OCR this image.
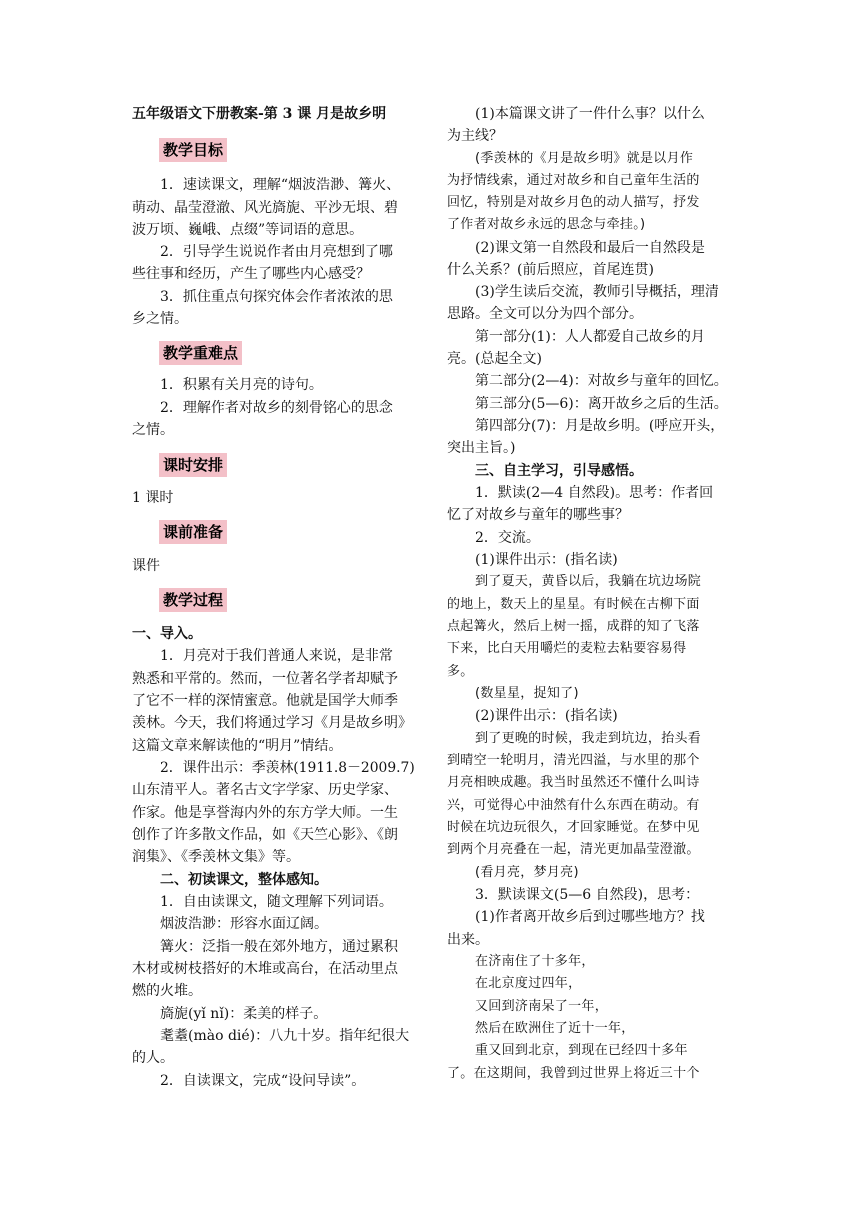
五年级语文下册教案-第 3 课 月是故乡明
教学目标
教学重难点
课时安排
课前准备
教学过程
1．速读课文，理解“烟波浩渺、篝火、
萌动、晶莹澄澈、风光旖旎、平沙无垠、碧
波万顷、巍峨、点缀”等词语的意思。
2．引导学生说说作者由月亮想到了哪
些往事和经历，产生了哪些内心感受？
3．抓住重点句探究体会作者浓浓的思
乡之情。
1．积累有关月亮的诗句。
2．理解作者对故乡的刻骨铭心的思念
之情。
1 课时
课件
一、导入。
1．月亮对于我们普通人来说，是非常
熟悉和平常的。然而，一位著名学者却赋予
了它不一样的深情蜜意。他就是国学大师季
羡林。今天，我们将通过学习《月是故乡明》
这篇文章来解读他的“明月”情结。
2．课件出示：季羡林(1911.8－2009.7)
山东清平人。著名古文字学家、历史学家、
作家。他是享誉海内外的东方学大师。一生
创作了许多散文作品，如《天竺心影》、《朗
润集》、《季羡林文集》等。
二、初读课文，整体感知。
1．自由读课文，随文理解下列词语。
烟波浩渺：形容水面辽阔。
篝火：泛指一般在郊外地方，通过累积
木材或树枝搭好的木堆或高台，在活动里点
燃的火堆。
旖旎(yǐ nǐ)：柔美的样子。
耄耋(mào dié)：八九十岁。指年纪很大
的人。
2．自读课文，完成“设问导读”。
(1)本篇课文讲了一件什么事？以什么
为主线？
(季羡林的《月是故乡明》就是以月作
为抒情线索，通过对故乡和自己童年生活的
回忆，特别是对故乡月色的动人描写，抒发
了作者对故乡永远的思念与牵挂。)
(2)课文第一自然段和最后一自然段是
什么关系？(前后照应，首尾连贯)
(3)学生读后交流，教师引导概括，理清
思路。全文可以分为四个部分。
第一部分(1)：人人都爱自己故乡的月
亮。(总起全文)
第二部分(2—4)：对故乡与童年的回忆。
第三部分(5—6)：离开故乡之后的生活。
第四部分(7)：月是故乡明。(呼应开头，
突出主旨。)
三、自主学习，引导感悟。
1．默读(2—4 自然段)。思考：作者回
忆了对故乡与童年的哪些事？
2．交流。
(1)课件出示：(指名读)
到了夏天，黄昏以后，我躺在坑边场院
的地上，数天上的星星。有时候在古柳下面
点起篝火，然后上树一摇，成群的知了飞落
下来，比白天用嚼烂的麦粒去粘要容易得
多。
(数星星，捉知了)
(2)课件出示：(指名读)
到了更晚的时候，我走到坑边，抬头看
到晴空一轮明月，清光四溢，与水里的那个
月亮相映成趣。我当时虽然还不懂什么叫诗
兴，可觉得心中油然有什么东西在萌动。有
时候在坑边玩很久，才回家睡觉。在梦中见
到两个月亮叠在一起，清光更加晶莹澄澈。
(看月亮，梦月亮)
3．默读课文(5—6 自然段)，思考：
(1)作者离开故乡后到过哪些地方？找
出来。
在济南住了十多年，
在北京度过四年，
又回到济南呆了一年，
然后在欧洲住了近十一年，
重又回到北京，到现在已经四十多年
了。在这期间，我曾到过世界上将近三十个
